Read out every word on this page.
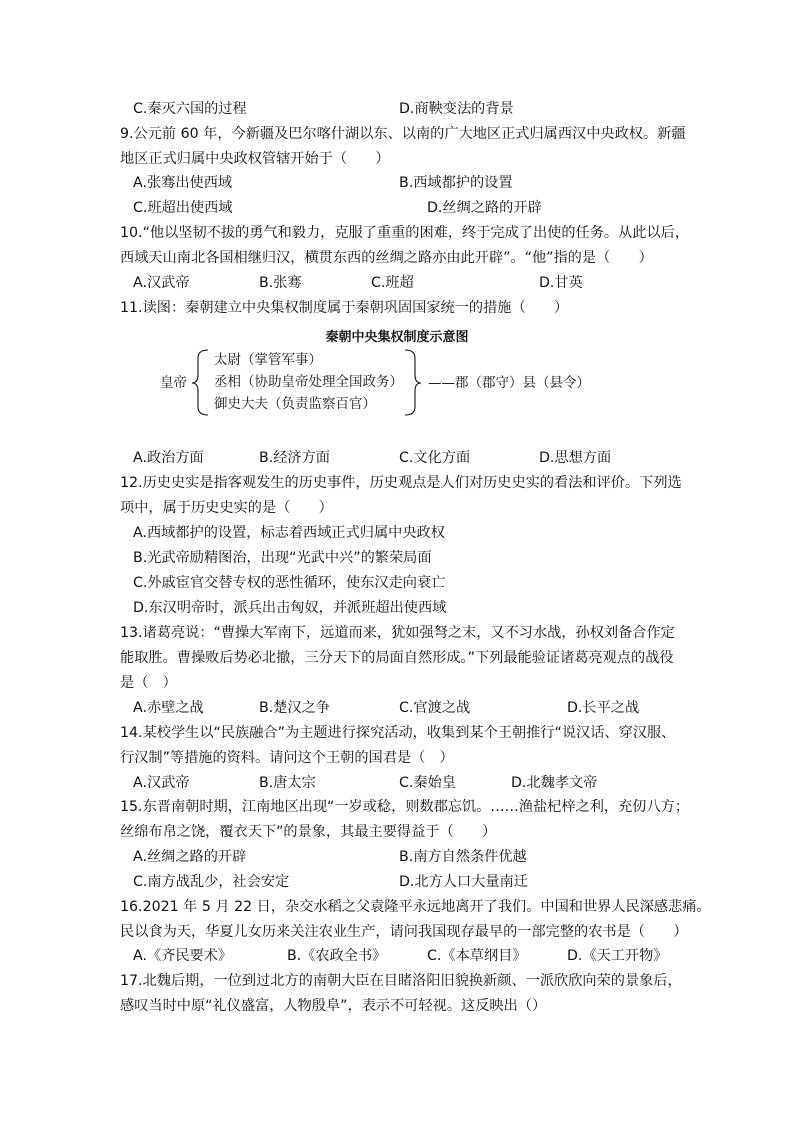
C.秦灭六国的过程	D.商鞅变法的背景
9.公元前 60 年，今新疆及巴尔喀什湖以东、以南的广大地区正式归属西汉中央政权。新疆
地区正式归属中央政权管辖开始于（　　）
A.张骞出使西域	B.西域都护的设置
C.班超出使西域	D.丝绸之路的开辟
10.“他以坚韧不拔的勇气和毅力，克服了重重的困难，终于完成了出使的任务。从此以后，
西域天山南北各国相继归汉，横贯东西的丝绸之路亦由此开辟”。“他”指的是（　　）
A.汉武帝	B.张骞	C.班超	D.甘英
11.读图：秦朝建立中央集权制度属于秦朝巩固国家统一的措施（　　）
秦朝中央集权制度示意图
皇帝
太尉（掌管军事）
丞相（协助皇帝处理全国政务）
御史大夫（负责监察百官）
——郡（郡守）县（县令）
A.政治方面	B.经济方面	C.文化方面	D.思想方面
12.历史史实是指客观发生的历史事件，历史观点是人们对历史史实的看法和评价。下列选
项中，属于历史史实的是（　　）
A.西域都护的设置，标志着西域正式归属中央政权
B.光武帝励精图治，出现“光武中兴”的繁荣局面
C.外戚宦官交替专权的恶性循环，使东汉走向衰亡
D.东汉明帝时，派兵出击匈奴，并派班超出使西域
13.诸葛亮说：“曹操大军南下，远道而来，犹如强弩之末，又不习水战，孙权刘备合作定
能取胜。曹操败后势必北撤，三分天下的局面自然形成。”下列最能验证诸葛亮观点的战役
是（　）
A.赤壁之战	B.楚汉之争	C.官渡之战	D.长平之战
14.某校学生以“民族融合”为主题进行探究活动，收集到某个王朝推行“说汉话、穿汉服、
行汉制”等措施的资料。请问这个王朝的国君是（　）
A.汉武帝	B.唐太宗	C.秦始皇	D.北魏孝文帝
15.东晋南朝时期，江南地区出现“一岁或稔，则数郡忘饥。……渔盐杞梓之利，充仞八方；
丝绵布帛之饶，覆衣天下”的景象，其最主要得益于（　　）
A.丝绸之路的开辟	B.南方自然条件优越
C.南方战乱少，社会安定	D.北方人口大量南迁
16.2021 年 5 月 22 日，杂交水稻之父袁隆平永远地离开了我们。中国和世界人民深感悲痛。
民以食为天，华夏儿女历来关注农业生产，请问我国现存最早的一部完整的农书是（　　）
A.《齐民要术》	B.《农政全书》	C.《本草纲目》	D.《天工开物》
17.北魏后期，一位到过北方的南朝大臣在目睹洛阳旧貌换新颜、一派欣欣向荣的景象后，
感叹当时中原“礼仪盛富，人物殷阜”，表示不可轻视。这反映出（）
